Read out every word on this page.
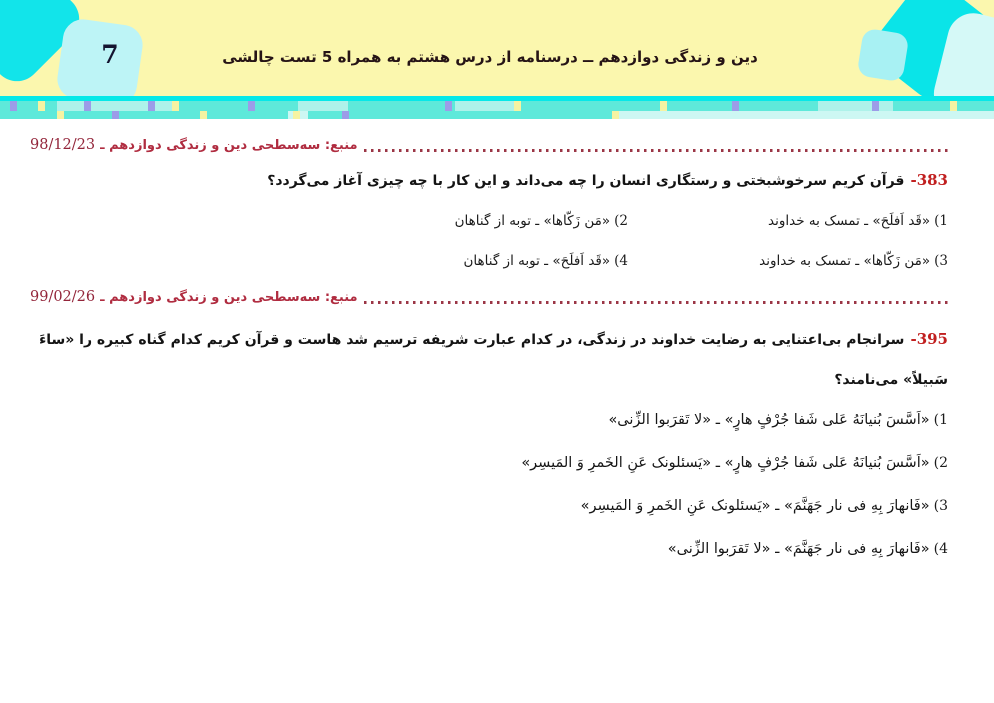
7	دین و زندگی دوازدهم ــ درسنامه از درس هشتم به همراه 5 تست چالشی
منبع: سه‌سطحی دین و زندگی دوازدهم ـ
98/12/23
383-قرآن کریم سرخوشبختی و رستگاری انسان را چه می‌داند و این کار با چه چیزی آغاز می‌گردد؟
1)«قَد اَفلَحَ» ـ تمسک به خداوند
2)«مَن زَکّاها» ـ توبه از گناهان
3)«مَن زَکّاها» ـ تمسک به خداوند
4)«قَد اَفلَحَ» ـ توبه از گناهان
منبع: سه‌سطحی دین و زندگی دوازدهم ـ
99/02/26
395-سرانجام بی‌اعتنایی به رضایت خداوند در زندگی، در کدام عبارت شریفه ترسیم شد هاست و قرآن کریم کدام گناه کبیره را «ساءَ سَبیلاً» می‌نامند؟
1)«اَسَّسَ بُنیانَهُ عَلی شَفا جُرْفٍ هارٍ» ـ «لا تَقرَبوا الزِّنی»
2)«اَسَّسَ بُنیانَهُ عَلی شَفا جُرْفٍ هارٍ» ـ «یَسئلونک عَنِ الخَمرِ وَ المَیسِر»
3)«فَانهارَ بِهِ فی نار جَهَنَّمَ» ـ «یَسئلونک عَنِ الخَمرِ وَ المَیسِر»
4)«فَانهارَ بِهِ فی نار جَهَنَّمَ» ـ «لا تَقرَبوا الزِّنی»
